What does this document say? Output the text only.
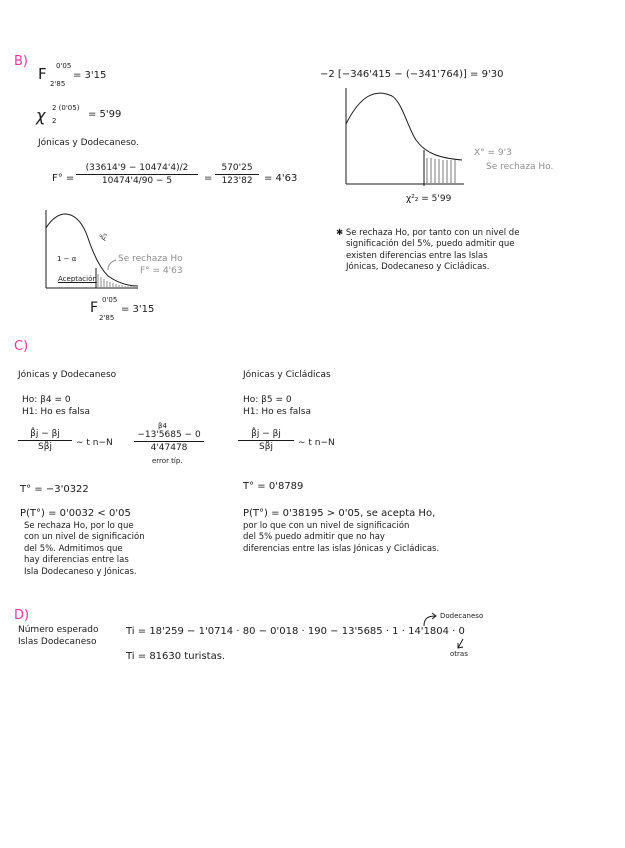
B)
F 0'05
2'85
= 3'15
χ 2 (0'05)
2
= 5'99
Jónicas y Dodecaneso.
$F^\circ = \frac{(33614'9 - 10474'4)/2}{10474'4/90 - 5} = \frac{570'25}{123'82} = 4'63$
1 − α
Aceptación
Fͧ⁵
Se rechaza Ho
F° = 4'63
F 0'05
2'85
= 3'15
−2 [−346'415 − (−341'764)] = 9'30
X° = 9'3
Se rechaza Ho.
χ²₂ = 5'99
✱ Se rechaza Ho, por tanto con un nivel de
significación del 5%, puedo admitir que
existen diferencias entre las Islas
Jónicas, Dodecaneso y Cicládicas.
C)
Jónicas y Dodecaneso
Ho: β4 = 0
H1: Ho es falsa
$\frac{\betâj - \beta j}{S\betâj}$ ∼ t n−N
β4
$\frac{-13'5685 - 0}{4'47478}$
error típ.
T° = −3'0322
P(T°) = 0'0032 < 0'05
Se rechaza Ho, por lo que
con un nivel de significación
del 5%. Admitimos que
hay diferencias entre las
Isla Dodecaneso y Jónicas.
Jónicas y Cicládicas
Ho: β5 = 0
H1: Ho es falsa
$\frac{\betâj - \beta j}{S\betâj}$ ∼ t n−N
T° = 0'8789
P(T°) = 0'38195 > 0'05, se acepta Ho,
por lo que con un nivel de significación
del 5% puedo admitir que no hay
diferencias entre las islas Jónicas y Cicládicas.
D)
Número esperado
Islas Dodecaneso
Ti = 18'259 − 1'0714 · 80 − 0'018 · 190 − 13'5685 · 1 · 14'1804 · 0
Ti = 81630 turistas.
Dodecaneso
otras
